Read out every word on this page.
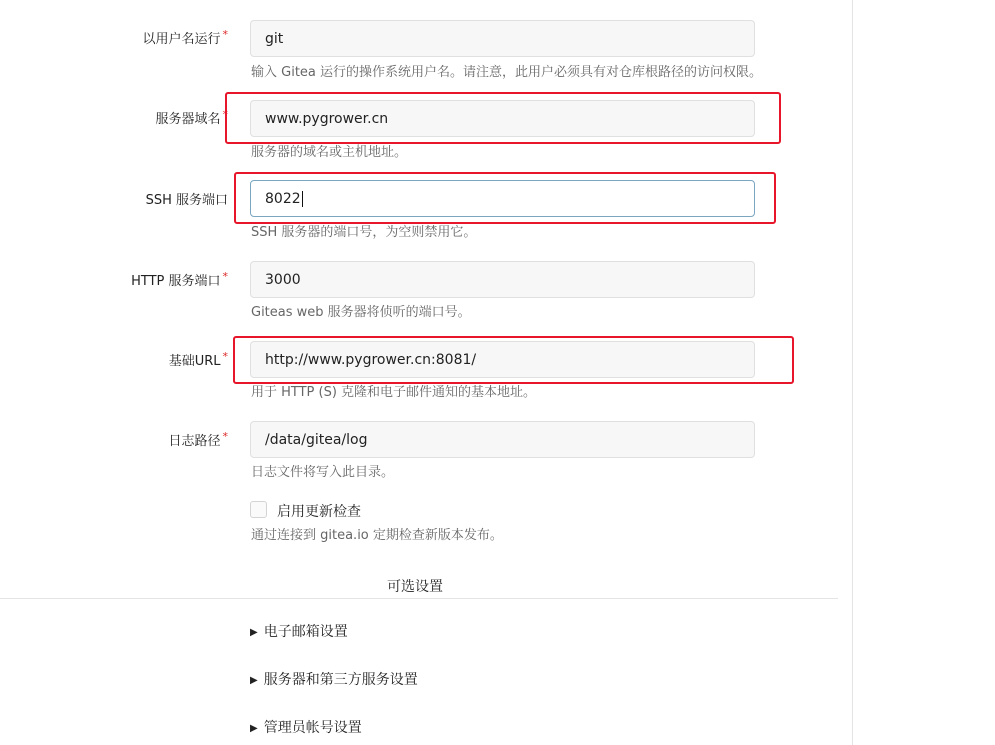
以用户名运行 *	git
输入 Gitea 运行的操作系统用户名。请注意，此用户必须具有对仓库根路径的访问权限。
服务器域名 *	www.pygrower.cn
服务器的域名或主机地址。
SSH 服务端口	8022
SSH 服务器的端口号，为空则禁用它。
HTTP 服务端口 *	3000
Giteas web 服务器将侦听的端口号。
基础URL *	http://www.pygrower.cn:8081/
用于 HTTP (S) 克隆和电子邮件通知的基本地址。
日志路径 *	/data/gitea/log
日志文件将写入此目录。
启用更新检查
通过连接到 gitea.io 定期检查新版本发布。
可选设置
▶ 电子邮箱设置
▶ 服务器和第三方服务设置
▶ 管理员帐号设置
